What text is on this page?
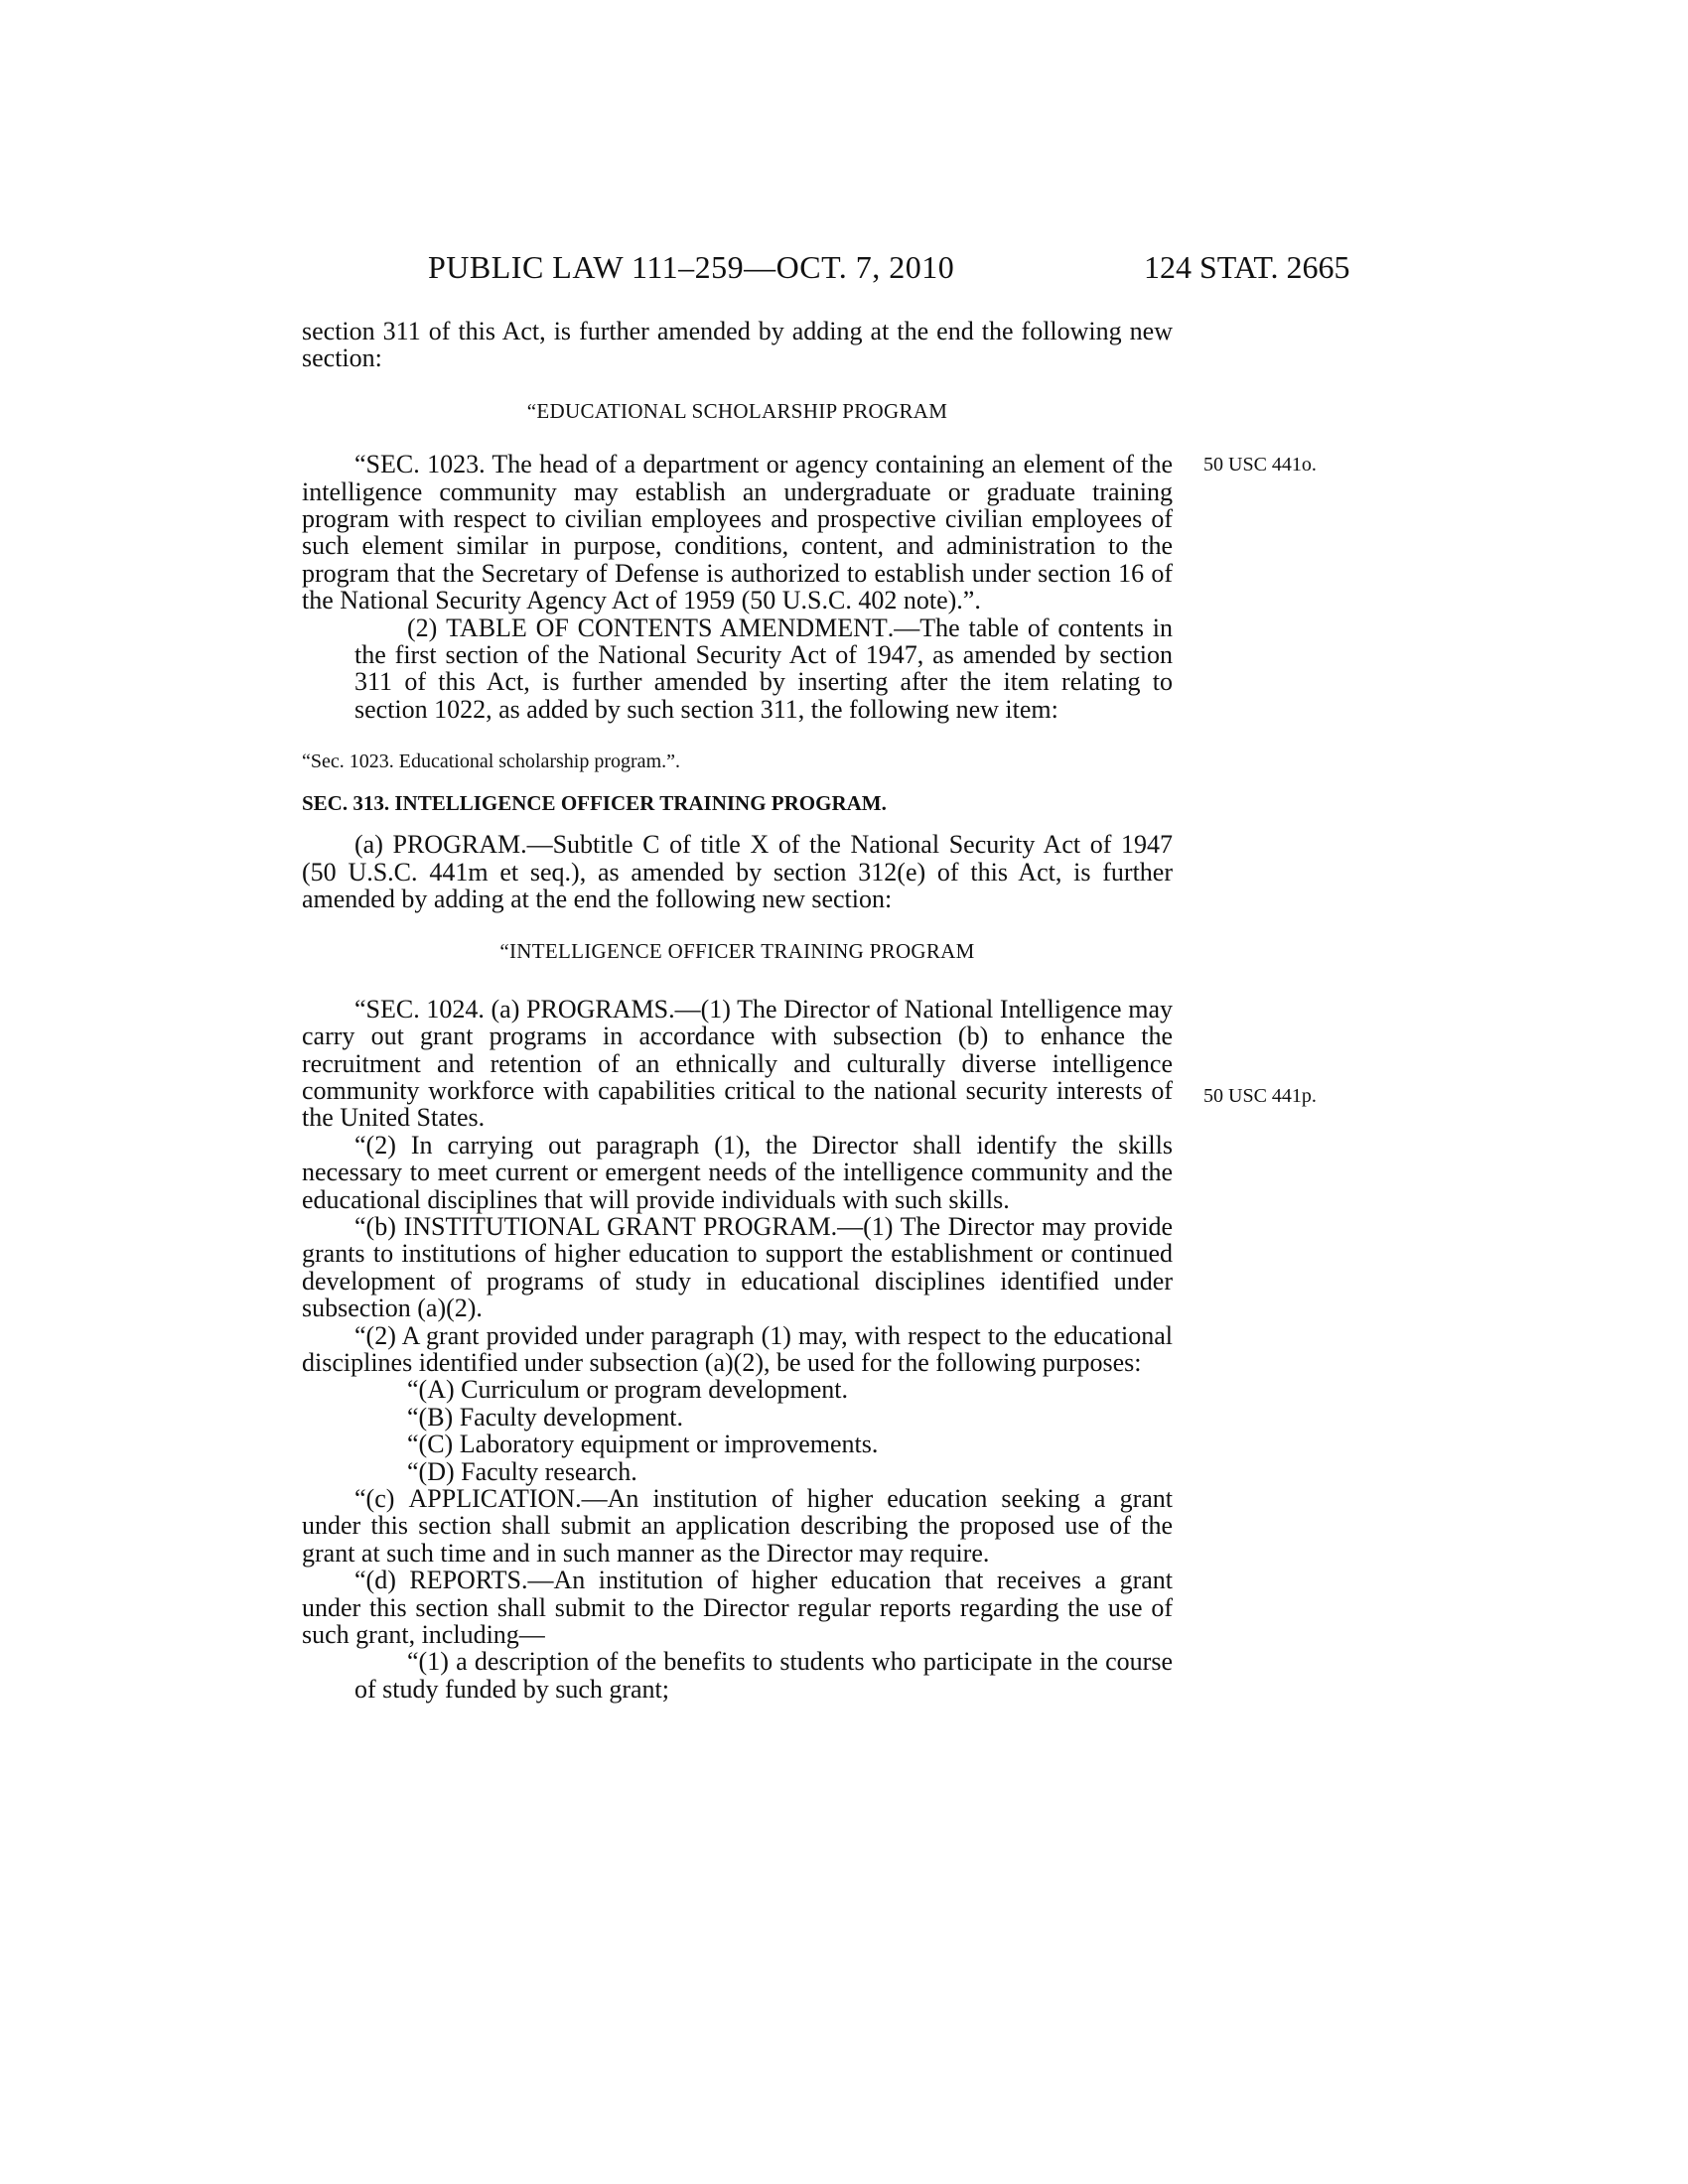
PUBLIC LAW 111–259—OCT. 7, 2010	124 STAT. 2665
50 USC 441o.
50 USC 441p.

section 311 of this Act, is further amended by adding at the end the following new section:

“EDUCATIONAL SCHOLARSHIP PROGRAM

“SEC. 1023. The head of a department or agency containing an element of the intelligence community may establish an undergraduate or graduate training program with respect to civilian employees and prospective civilian employees of such element similar in purpose, conditions, content, and administration to the program that the Secretary of Defense is authorized to establish under section 16 of the National Security Agency Act of 1959 (50 U.S.C. 402 note).”.

(2) TABLE OF CONTENTS AMENDMENT.—The table of contents in the first section of the National Security Act of 1947, as amended by section 311 of this Act, is further amended by inserting after the item relating to section 1022, as added by such section 311, the following new item:

“Sec. 1023. Educational scholarship program.”.

SEC. 313. INTELLIGENCE OFFICER TRAINING PROGRAM.

(a) PROGRAM.—Subtitle C of title X of the National Security Act of 1947 (50 U.S.C. 441m et seq.), as amended by section 312(e) of this Act, is further amended by adding at the end the following new section:

“INTELLIGENCE OFFICER TRAINING PROGRAM

“SEC. 1024. (a) PROGRAMS.—(1) The Director of National Intelligence may carry out grant programs in accordance with subsection (b) to enhance the recruitment and retention of an ethnically and culturally diverse intelligence community workforce with capabilities critical to the national security interests of the United States.

“(2) In carrying out paragraph (1), the Director shall identify the skills necessary to meet current or emergent needs of the intelligence community and the educational disciplines that will provide individuals with such skills.

“(b) INSTITUTIONAL GRANT PROGRAM.—(1) The Director may provide grants to institutions of higher education to support the establishment or continued development of programs of study in educational disciplines identified under subsection (a)(2).

“(2) A grant provided under paragraph (1) may, with respect to the educational disciplines identified under subsection (a)(2), be used for the following purposes:

“(A) Curriculum or program development.

“(B) Faculty development.

“(C) Laboratory equipment or improvements.

“(D) Faculty research.

“(c) APPLICATION.—An institution of higher education seeking a grant under this section shall submit an application describing the proposed use of the grant at such time and in such manner as the Director may require.

“(d) REPORTS.—An institution of higher education that receives a grant under this section shall submit to the Director regular reports regarding the use of such grant, including—

“(1) a description of the benefits to students who participate in the course of study funded by such grant;
